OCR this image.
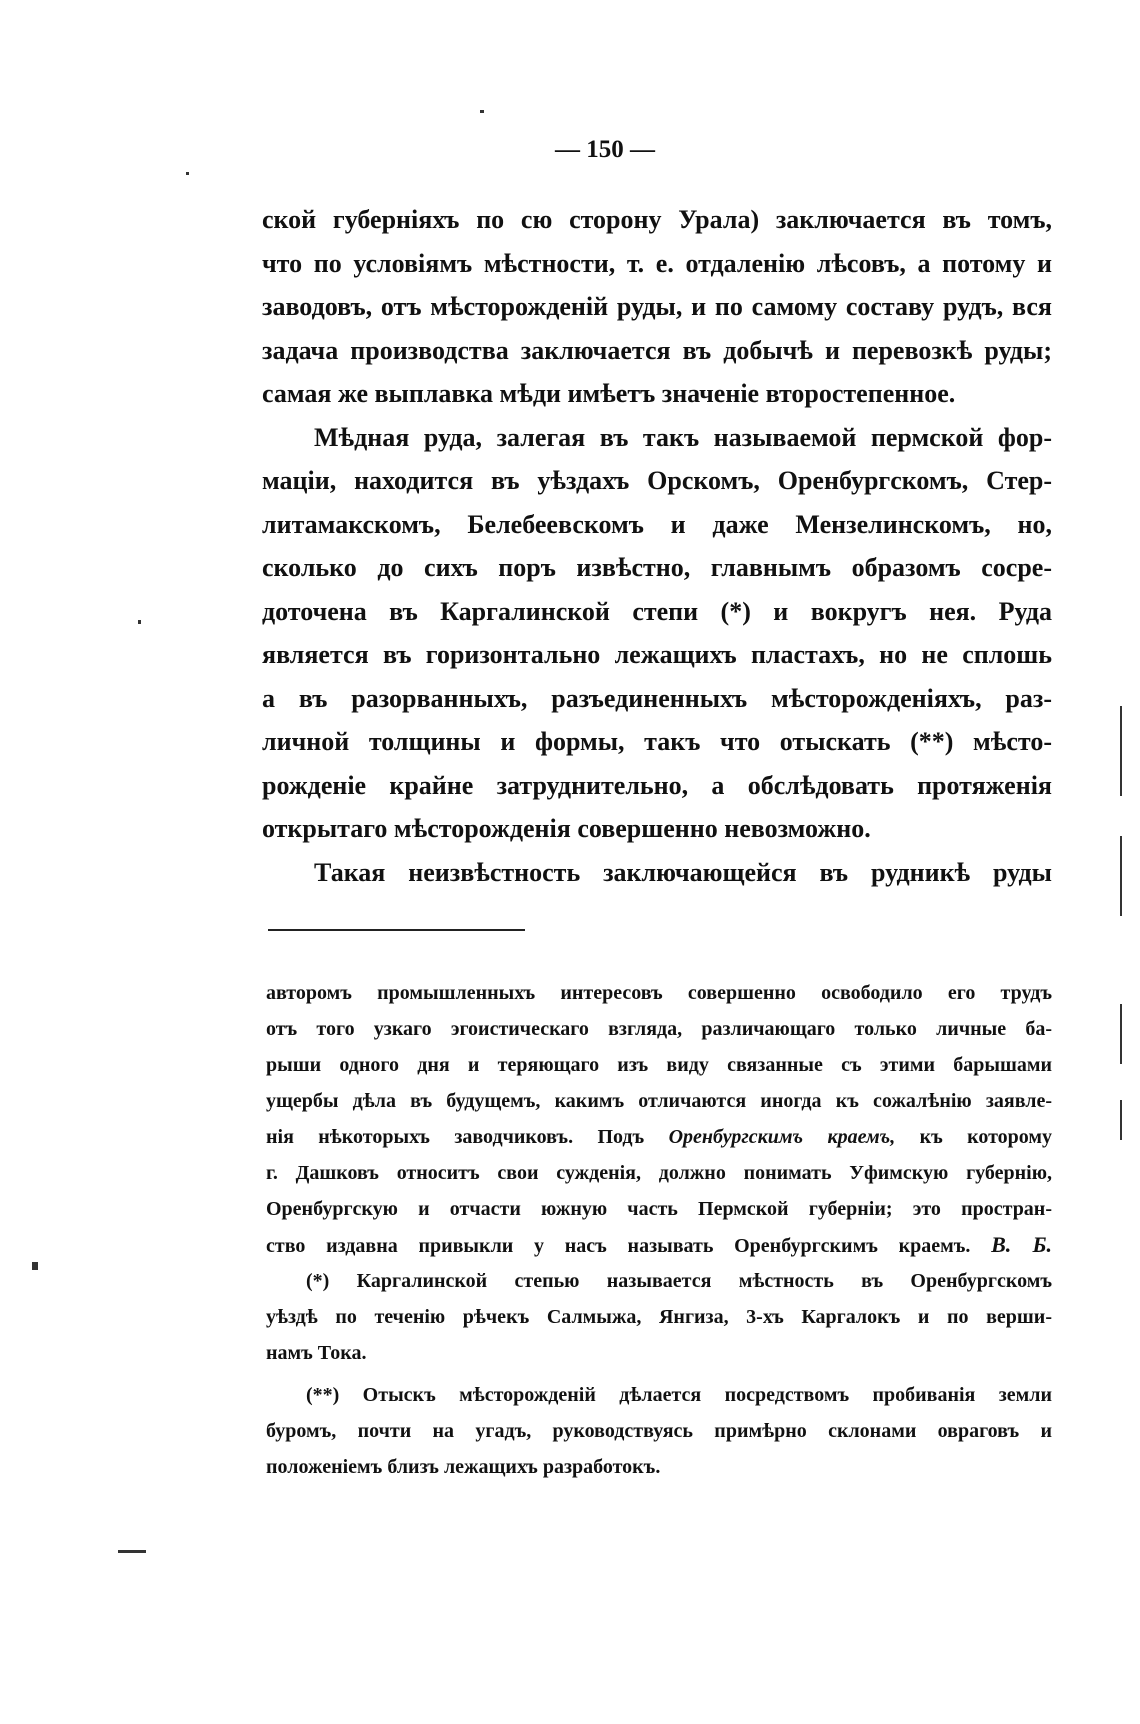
— 150 —
ской губерніяхъ по сю сторону Урала) заключается въ томъ,
что по условіямъ мѣстности, т. е. отдаленію лѣсовъ, а потому и
заводовъ, отъ мѣсторожденій руды, и по самому составу рудъ, вся
задача производства заключается въ добычѣ и перевозкѣ руды;
самая же выплавка мѣди имѣетъ значеніе второстепенное.
Мѣдная руда, залегая въ такъ называемой пермской фор-
маціи, находится въ уѣздахъ Орскомъ, Оренбургскомъ, Стер-
литамакскомъ, Белебеевскомъ и даже Мензелинскомъ, но,
сколько до сихъ поръ извѣстно, главнымъ образомъ сосре-
доточена въ Каргалинской степи (*) и вокругъ нея. Руда
является въ горизонтально лежащихъ пластахъ, но не сплошь
а въ разорванныхъ, разъединенныхъ мѣсторожденіяхъ, раз-
личной толщины и формы, такъ что отыскать (**) мѣсто-
рожденіе крайне затруднительно, а обслѣдовать протяженія
открытаго мѣсторожденія совершенно невозможно.
Такая неизвѣстность заключающейся въ рудникѣ руды
авторомъ промышленныхъ интересовъ совершенно освободило его трудъ
отъ того узкаго эгоистическаго взгляда, различающаго только личные ба-
рыши одного дня и теряющаго изъ виду связанные съ этими барышами
ущербы дѣла въ будущемъ, какимъ отличаются иногда къ сожалѣнію заявле-
нія нѣкоторыхъ заводчиковъ. Подъ Оренбургскимъ краемъ, къ которому
г. Дашковъ относитъ свои сужденія, должно понимать Уфимскую губернію,
Оренбургскую и отчасти южную часть Пермской губерніи; это простран-
ство издавна привыкли у насъ называть Оренбургскимъ краемъ. В. Б.
(*) Каргалинской степью называется мѣстность въ Оренбургскомъ
уѣздѣ по теченію рѣчекъ Салмыжа, Янгиза, 3-хъ Каргалокъ и по верши-
намъ Тока.
(**) Отыскъ мѣсторожденій дѣлается посредствомъ пробиванія земли
буромъ, почти на угадъ, руководствуясь примѣрно склонами овраговъ и
положеніемъ близъ лежащихъ разработокъ.
